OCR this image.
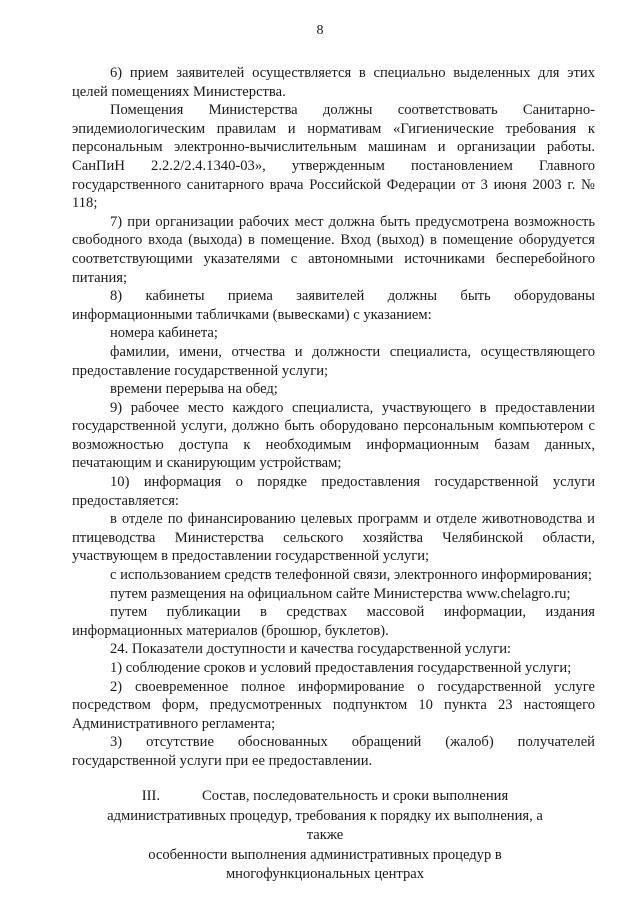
8

6) прием заявителей осуществляется в специально выделенных для этих целей помещениях Министерства.

Помещения Министерства должны соответствовать Санитарно-эпидемиологическим правилам и нормативам «Гигиенические требования к персональным электронно-вычислительным машинам и организации работы. СанПиН 2.2.2/2.4.1340-03», утвержденным постановлением Главного государственного санитарного врача Российской Федерации от 3 июня 2003 г. № 118;

7) при организации рабочих мест должна быть предусмотрена возможность свободного входа (выхода) в помещение. Вход (выход) в помещение оборудуется соответствующими указателями с автономными источниками бесперебойного питания;

8) кабинеты приема заявителей должны быть оборудованы информационными табличками (вывесками) с указанием:

номера кабинета;

фамилии, имени, отчества и должности специалиста, осуществляющего предоставление государственной услуги;

времени перерыва на обед;

9) рабочее место каждого специалиста, участвующего в предоставлении государственной услуги, должно быть оборудовано персональным компьютером с возможностью доступа к необходимым информационным базам данных, печатающим и сканирующим устройствам;

10) информация о порядке предоставления государственной услуги предоставляется:

в отделе по финансированию целевых программ и отделе животноводства и птицеводства Министерства сельского хозяйства Челябинской области, участвующем в предоставлении государственной услуги;

с использованием средств телефонной связи, электронного информирования;

путем размещения на официальном сайте Министерства www.chelagro.ru;

путем публикации в средствах массовой информации, издания информационных материалов (брошюр, буклетов).

24. Показатели доступности и качества государственной услуги:

1) соблюдение сроков и условий предоставления государственной услуги;

2) своевременное полное информирование о государственной услуге посредством форм, предусмотренных подпунктом 10 пункта 23 настоящего Административного регламента;

3) отсутствие обоснованных обращений (жалоб) получателей государственной услуги при ее предоставлении.

III.	Состав, последовательность и сроки выполнения
административных процедур, требования к порядку их выполнения, а также
особенности выполнения административных процедур в
многофункциональных центрах
